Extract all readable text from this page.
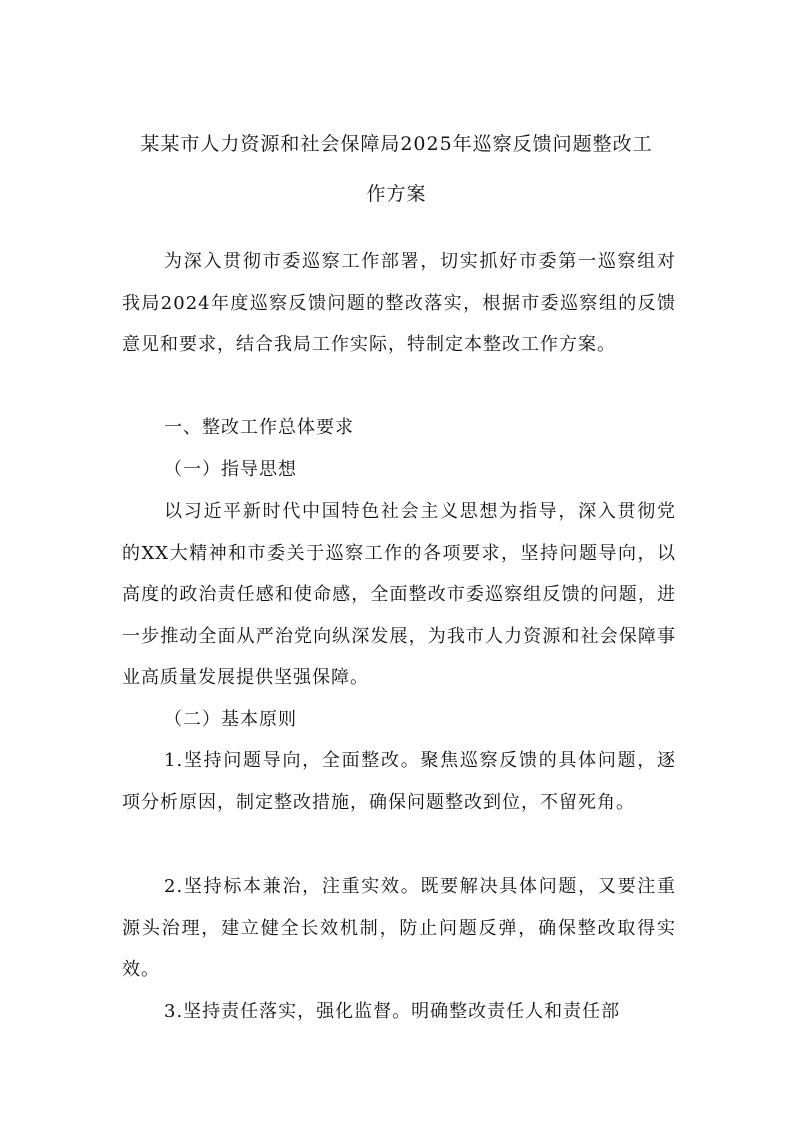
某某市人力资源和社会保障局2025年巡察反馈问题整改工
作方案

为深入贯彻市委巡察工作部署，切实抓好市委第一巡察组对我局2024年度巡察反馈问题的整改落实，根据市委巡察组的反馈意见和要求，结合我局工作实际，特制定本整改工作方案。

一、整改工作总体要求

（一）指导思想

以习近平新时代中国特色社会主义思想为指导，深入贯彻党的XX大精神和市委关于巡察工作的各项要求，坚持问题导向，以高度的政治责任感和使命感，全面整改市委巡察组反馈的问题，进一步推动全面从严治党向纵深发展，为我市人力资源和社会保障事业高质量发展提供坚强保障。

（二）基本原则

1.坚持问题导向，全面整改。聚焦巡察反馈的具体问题，逐项分析原因，制定整改措施，确保问题整改到位，不留死角。

2.坚持标本兼治，注重实效。既要解决具体问题，又要注重源头治理，建立健全长效机制，防止问题反弹，确保整改取得实效。

3.坚持责任落实，强化监督。明确整改责任人和责任部
